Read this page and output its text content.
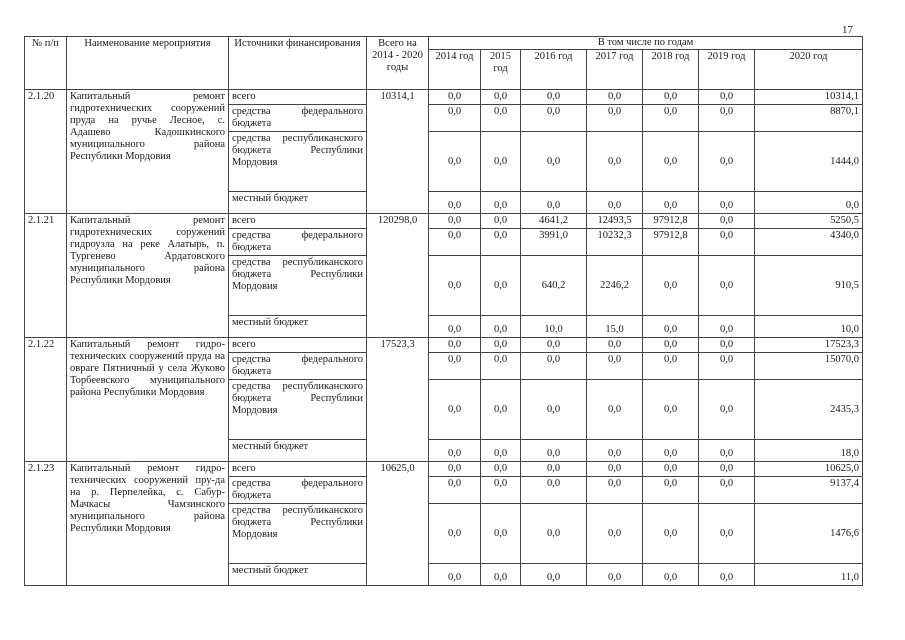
17
№ п/п	Наименование мероприятия	Источники финансирования	Всего на 2014 - 2020 годы	В том числе по годам						
				2014 год	2015 год	2016 год	2017 год	2018 год	2019 год	2020 год
2.1.20	Капитальный ремонт гидротехнических сооружений пруда на ручье Лесное, с. Адашево Кадошкинского муниципального района Республики Мордовия	всего	10314,1	0,0	0,0	0,0	0,0	0,0	0,0	10314,1
		средства федерального бюджета		0,0	0,0	0,0	0,0	0,0	0,0	8870,1
		средства республиканского бюджета Республики Мордовия		0,0	0,0	0,0	0,0	0,0	0,0	1444,0
		местный бюджет		0,0	0,0	0,0	0,0	0,0	0,0	0,0
2.1.21	Капитальный ремонт гидротехнических соружений гидроузла на реке Алатырь, п. Тургенево Ардатовского муниципального района Республики Мордовия	всего	120298,0	0,0	0,0	4641,2	12493,5	97912,8	0,0	5250,5
		средства федерального бюджета		0,0	0,0	3991,0	10232,3	97912,8	0,0	4340,0
		средства республиканского бюджета Республики Мордовия		0,0	0,0	640,2	2246,2	0,0	0,0	910,5
		местный бюджет		0,0	0,0	10,0	15,0	0,0	0,0	10,0
2.1.22	Капитальный ремонт гидро-технических сооружений пруда на овраге Пятничный у села Жуково Торбеевского муниципального района Республики Мордовия	всего	17523,3	0,0	0,0	0,0	0,0	0,0	0,0	17523,3
		средства федерального бюджета		0,0	0,0	0,0	0,0	0,0	0,0	15070,0
		средства республиканского бюджета Республики Мордовия		0,0	0,0	0,0	0,0	0,0	0,0	2435,3
		местный бюджет		0,0	0,0	0,0	0,0	0,0	0,0	18,0
2.1.23	Капитальный ремонт гидро-технических сооружений пру-да на р. Перпелейка, с. Сабур-Мачкасы Чамзинского муниципального района Республики Мордовия	всего	10625,0	0,0	0,0	0,0	0,0	0,0	0,0	10625,0
		средства федерального бюджета		0,0	0,0	0,0	0,0	0,0	0,0	9137,4
		средства республиканского бюджета Республики Мордовия		0,0	0,0	0,0	0,0	0,0	0,0	1476,6
		местный бюджет		0,0	0,0	0,0	0,0	0,0	0,0	11,0
